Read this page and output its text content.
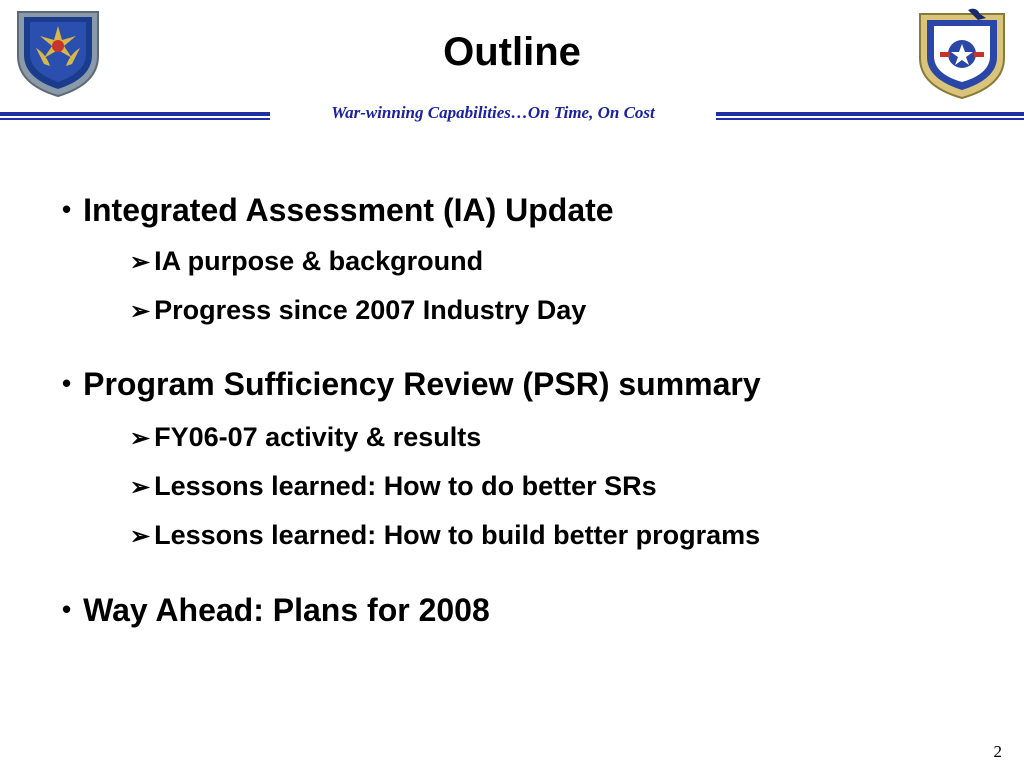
Outline
War-winning Capabilities…On Time, On Cost
• Integrated Assessment (IA) Update
➢ IA purpose & background
➢ Progress since 2007 Industry Day
• Program Sufficiency Review (PSR) summary
➢ FY06-07 activity & results
➢ Lessons learned: How to do better SRs
➢ Lessons learned: How to build better programs
• Way Ahead: Plans for 2008
2
